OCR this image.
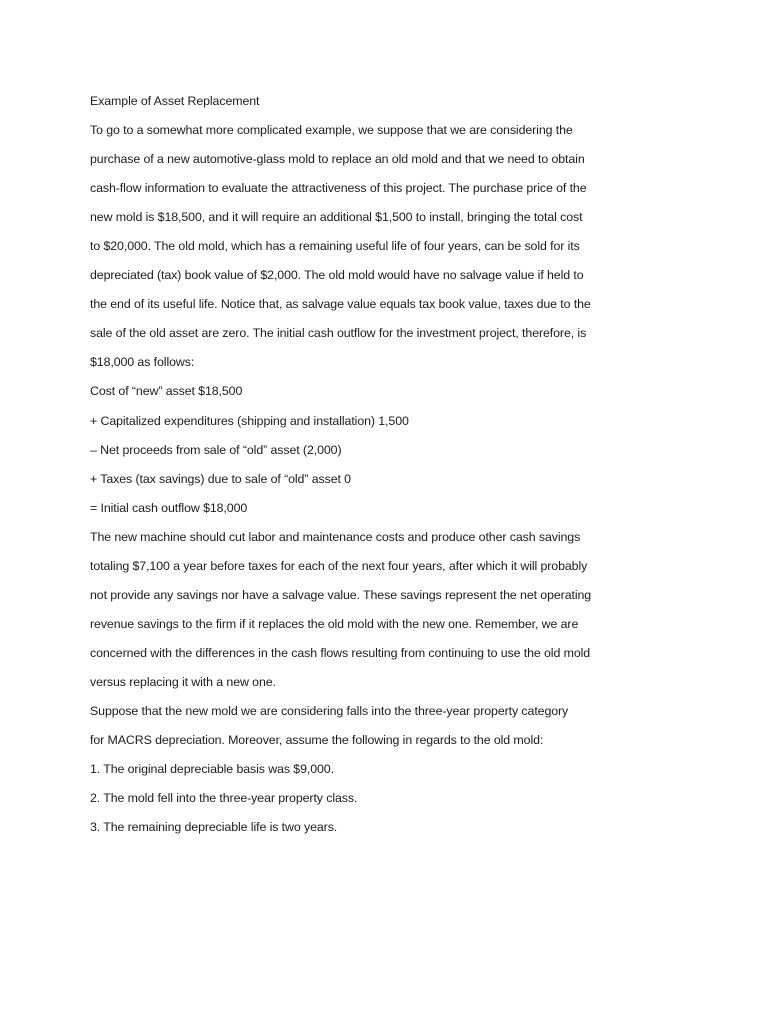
Example of Asset Replacement
To go to a somewhat more complicated example, we suppose that we are considering the
purchase of a new automotive-glass mold to replace an old mold and that we need to obtain
cash-flow information to evaluate the attractiveness of this project. The purchase price of the
new mold is $18,500, and it will require an additional $1,500 to install, bringing the total cost
to $20,000. The old mold, which has a remaining useful life of four years, can be sold for its
depreciated (tax) book value of $2,000. The old mold would have no salvage value if held to
the end of its useful life. Notice that, as salvage value equals tax book value, taxes due to the
sale of the old asset are zero. The initial cash outflow for the investment project, therefore, is
$18,000 as follows:
Cost of “new” asset $18,500
+ Capitalized expenditures (shipping and installation) 1,500
– Net proceeds from sale of “old” asset (2,000)
+ Taxes (tax savings) due to sale of “old” asset 0
= Initial cash outflow $18,000
The new machine should cut labor and maintenance costs and produce other cash savings
totaling $7,100 a year before taxes for each of the next four years, after which it will probably
not provide any savings nor have a salvage value. These savings represent the net operating
revenue savings to the firm if it replaces the old mold with the new one. Remember, we are
concerned with the differences in the cash flows resulting from continuing to use the old mold
versus replacing it with a new one.
Suppose that the new mold we are considering falls into the three-year property category
for MACRS depreciation. Moreover, assume the following in regards to the old mold:
1. The original depreciable basis was $9,000.
2. The mold fell into the three-year property class.
3. The remaining depreciable life is two years.
